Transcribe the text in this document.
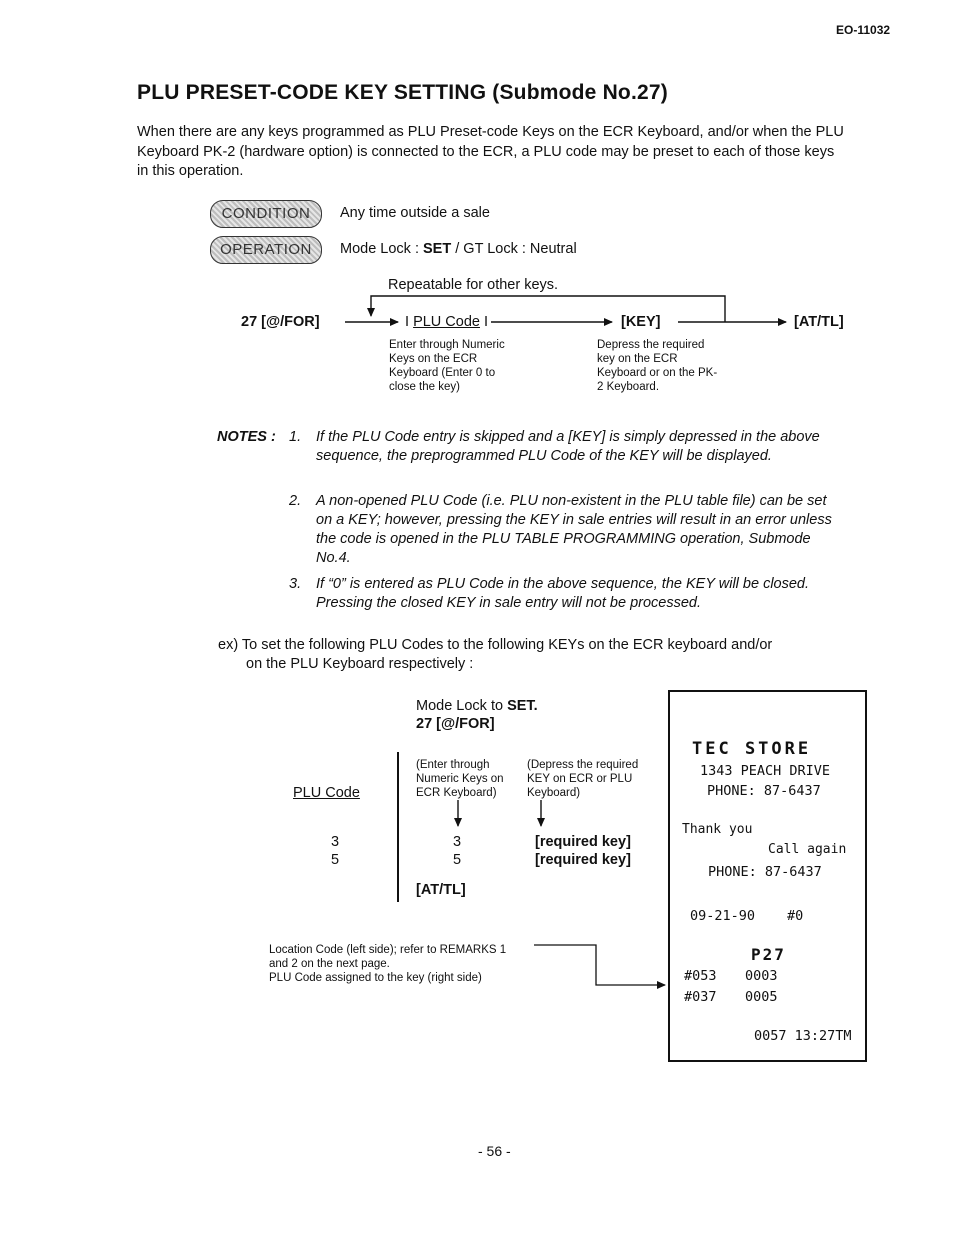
EO-11032
PLU PRESET-CODE KEY SETTING (Submode No.27)
When there are any keys programmed as PLU Preset-code Keys on the ECR Keyboard, and/or when the PLU Keyboard PK-2 (hardware option) is connected to the ECR, a PLU code may be preset to each of those keys in this operation.
CONDITION	Any time outside a sale
OPERATION	Mode Lock : SET / GT Lock : Neutral
Repeatable for other keys.
27 [@/FOR]	I PLU Code I	[KEY]	[AT/TL]
Enter through Numeric
Keys on the ECR
Keyboard (Enter 0 to
close the key)
Depress the required
key on the ECR
Keyboard or on the PK-
2 Keyboard.
NOTES : 1. If the PLU Code entry is skipped and a [KEY] is simply depressed in the above sequence, the preprogrammed PLU Code of the KEY will be displayed.
2. A non-opened PLU Code (i.e. PLU non-existent in the PLU table file) can be set on a KEY; however, pressing the KEY in sale entries will result in an error unless the code is opened in the PLU TABLE PROGRAMMING operation, Submode No.4.
3. If “0” is entered as PLU Code in the above sequence, the KEY will be closed. Pressing the closed KEY in sale entry will not be processed.
ex) To set the following PLU Codes to the following KEYs on the ECR keyboard and/or
on the PLU Keyboard respectively :
Mode Lock to SET.
27 [@/FOR]
PLU Code
(Enter through
Numeric Keys on
ECR Keyboard)
(Depress the required
KEY on ECR or PLU
Keyboard)
3	3	[required key]
5	5	[required key]
[AT/TL]
Location Code (left side); refer to REMARKS 1
and 2 on the next page.
PLU Code assigned to the key (right side)
TEC STORE
1343 PEACH DRIVE
PHONE: 87-6437
Thank you
Call again
PHONE: 87-6437
09-21-90 #0
P27
#053 0003
#037 0005
0057 13:27TM
- 56 -
